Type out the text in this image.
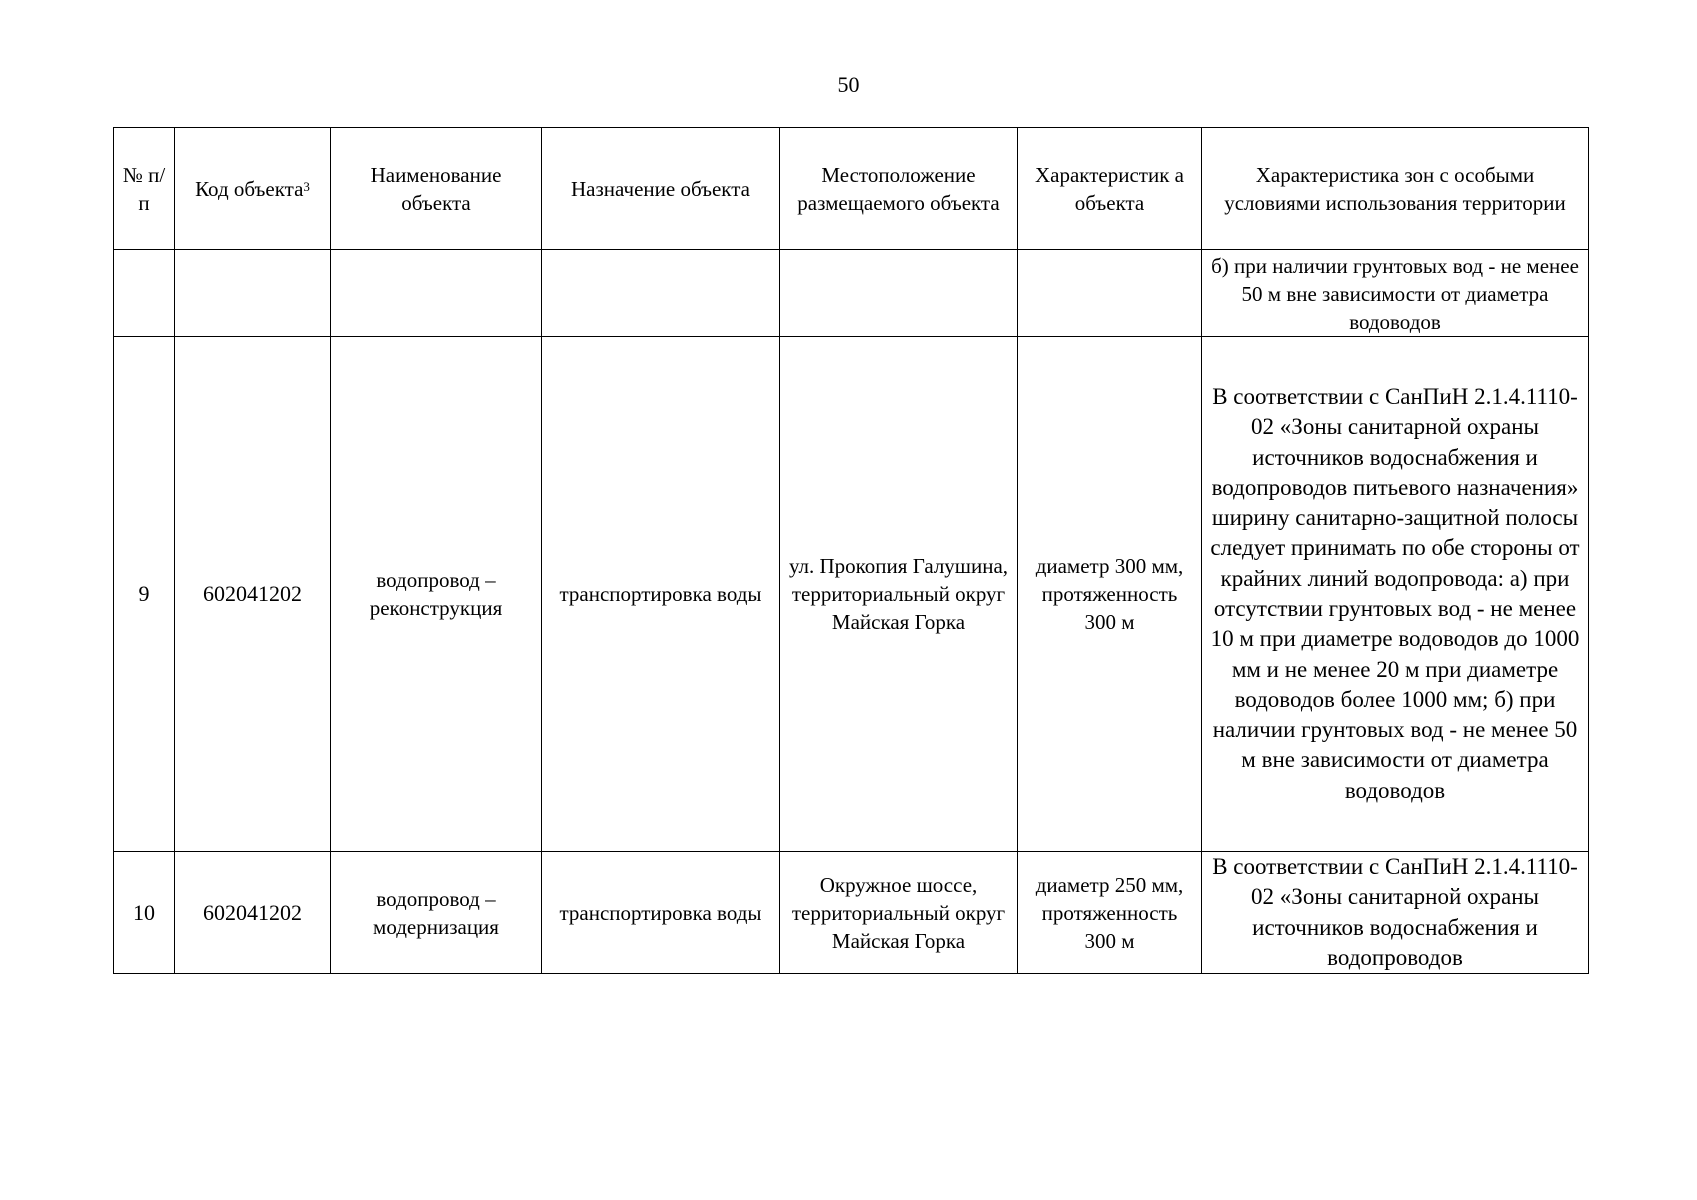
50
№ п/п	Код объекта$^3$	Наименование объекта	Назначение объекта	Местоположение размещаемого объекта	Характеристик а объекта	Характеристика зон с особыми условиями использования территории
						б) при наличии грунтовых вод - не менее 50 м вне зависимости от диаметра водоводов
9	602041202	водопровод – реконструкция	транспортировка воды	ул. Прокопия Галушина, территориальный округ Майская Горка	диаметр 300 мм, протяженность 300 м	В соответствии с СанПиН 2.1.4.1110-02 «Зоны санитарной охраны источников водоснабжения и водопроводов питьевого назначения» ширину санитарно-защитной полосы следует принимать по обе стороны от крайних линий водопровода: а) при отсутствии грунтовых вод - не менее 10 м при диаметре водоводов до 1000 мм и не менее 20 м при диаметре водоводов более 1000 мм; б) при наличии грунтовых вод - не менее 50 м вне зависимости от диаметра водоводов
10	602041202	водопровод – модернизация	транспортировка воды	Окружное шоссе, территориальный округ Майская Горка	диаметр 250 мм, протяженность 300 м	В соответствии с СанПиН 2.1.4.1110-02 «Зоны санитарной охраны источников водоснабжения и водопроводов
